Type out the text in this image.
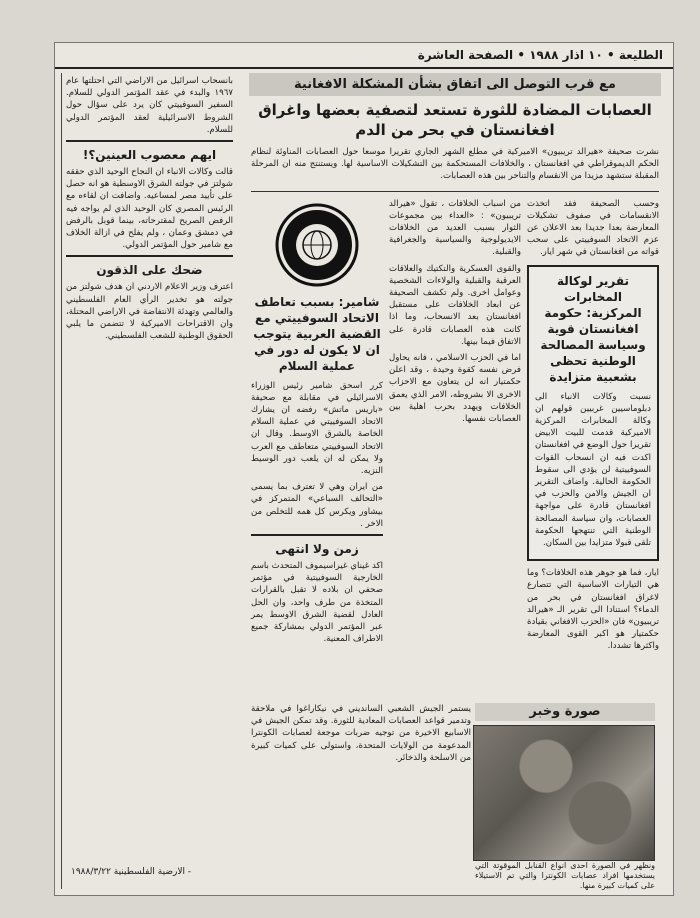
الطليعة • ١٠ اذار ١٩٨٨ • الصفحة العاشرة

بانسحاب اسرائيل من الاراضي التي احتلتها عام ١٩٦٧ والبدء في عقد المؤتمر الدولي للسلام. السفير السوفييتي كان يرد على سؤال حول الشروط الاسرائيلية لعقد المؤتمر الدولي للسلام.

ايهم معصوب العينين؟!

قالت وكالات الانباء ان النجاح الوحيد الذي حققه شولتز في جولته الشرق الاوسطية هو انه حصل على تأييد مصر لمساعيه. واضافت ان لقاءه مع الرئيس المصري كان الوحيد الذي لم يواجه فيه الرفض الصريح لمقترحاته، بينما قوبل بالرفض في دمشق وعمان ، ولم يفلح في ازالة الخلاف مع شامير حول المؤتمر الدولي.

ضحك على الذقون

اعترف وزير الاعلام الاردني ان هدف شولتز من جولته هو تخدير الرأي العام الفلسطيني والعالمي وتهدئة الانتفاضة في الاراضي المحتلة، وان الاقتراحات الاميركية لا تتضمن ما يلبي الحقوق الوطنية للشعب الفلسطيني.

مع قرب التوصل الى اتفاق بشأن المشكلة الافغانية
العصابات المضادة للثورة تستعد لتصفية بعضها واغراق افغانستان في بحر من الدم

نشرت صحيفة «هيرالد تريبيون» الاميركية في مطلع الشهر الجاري تقريرا موسعا حول العصابات المناوئة لنظام الحكم الديموقراطي في افغانستان ، والخلافات المستحكمة بين التشكيلات الاساسية لها. ويستنتج منه ان المرحلة المقبلة ستشهد مزيدا من الانقسام والتناحر بين هذه العصابات.

وحسب الصحيفة فقد اتخذت الانقسامات في صفوف تشكيلات المعارضة بعدا جديدا بعد الاعلان عن عزم الاتحاد السوفييتي على سحب قواته من افغانستان في شهر ايار.

تقرير لوكالة المخابرات المركزية: حكومة افغانستان قوية وسياسة المصالحة الوطنية تحظى بشعبية متزايدة

نسبت وكالات الانباء الى دبلوماسيين غربيين قولهم ان وكالة المخابرات المركزية الاميركية قدمت للبيت الابيض تقريرا حول الوضع في افغانستان اكدت فيه ان انسحاب القوات السوفييتية لن يؤدي الى سقوط الحكومة الحالية. واضاف التقرير ان الجيش والامن والحزب في افغانستان قادرة على مواجهة العصابات، وان سياسة المصالحة الوطنية التي تنتهجها الحكومة تلقى قبولا متزايدا بين السكان.

ايار، فما هو جوهر هذه الخلافات؟ وما هي التيارات الاساسية التي تتصارع لاغراق افغانستان في بحر من الدماء؟ استنادا الى تقرير الـ «هيرالد تريبيون» فان «الحزب الافغاني بقيادة حكمتيار هو اكبر القوى المعارضة واكثرها تشددا.

من اسباب الخلافات ، تقول «هيرالد تريبيون» : «العداء بين مجموعات الثوار بسبب العديد من الخلافات الايديولوجية والسياسية والجغرافية والقبلية.

والقوى العسكرية والتكتيك والعلاقات العرقية والقبلية والولاءات الشخصية وعوامل اخرى. ولم تكشف الصحيفة عن ابعاد الخلافات على مستقبل افغانستان بعد الانسحاب، وما اذا كانت هذه العصابات قادرة على الاتفاق فيما بينها.

اما في الحزب الاسلامي ، فانه يحاول فرض نفسه كقوة وحيدة ، وقد اعلن حكمتيار انه لن يتعاون مع الاحزاب الاخرى الا بشروطه، الامر الذي يعمق الخلافات ويهدد بحرب اهلية بين العصابات نفسها.

شامير: بسبب تعاطف الاتحاد السوفييتي مع القضية العربية يتوجب ان لا يكون له دور في عملية السلام

كرر اسحق شامير رئيس الوزراء الاسرائيلي في مقابلة مع صحيفة «باريس ماتش» رفضه ان يشارك الاتحاد السوفييتي في عملية السلام الخاصة بالشرق الاوسط. وقال ان الاتحاد السوفييتي متعاطف مع العرب ولا يمكن له ان يلعب دور الوسيط النزيه.

من ايران وهي لا تعترف بما يسمى «التحالف السباعي» المتمركز في بيشاور ويكرس كل همه للتخلص من الاخر .

زمن ولا انتهى

اكد غيناي غيراسيموف المتحدث باسم الخارجية السوفييتية في مؤتمر صحفي ان بلاده لا تقبل بالقرارات المتخذة من طرف واحد، وان الحل العادل لقضية الشرق الاوسط يمر عبر المؤتمر الدولي بمشاركة جميع الاطراف المعنية.

صورة وخبر
ونظهر في الصورة احدى انواع القنابل الموقوتة التي يستخدمها افراد عصابات الكونترا والتي تم الاستيلاء على كميات كبيرة منها.

يستمر الجيش الشعبي السانديني في نيكاراغوا في ملاحقة وتدمير قواعد العصابات المعادية للثورة. وقد تمكن الجيش في الاسابيع الاخيرة من توجيه ضربات موجعة لعصابات الكونترا المدعومة من الولايات المتحدة، واستولى على كميات كبيرة من الاسلحة والذخائر.

- الارضية الفلسطينية ١٩٨٨/٣/٢٢
